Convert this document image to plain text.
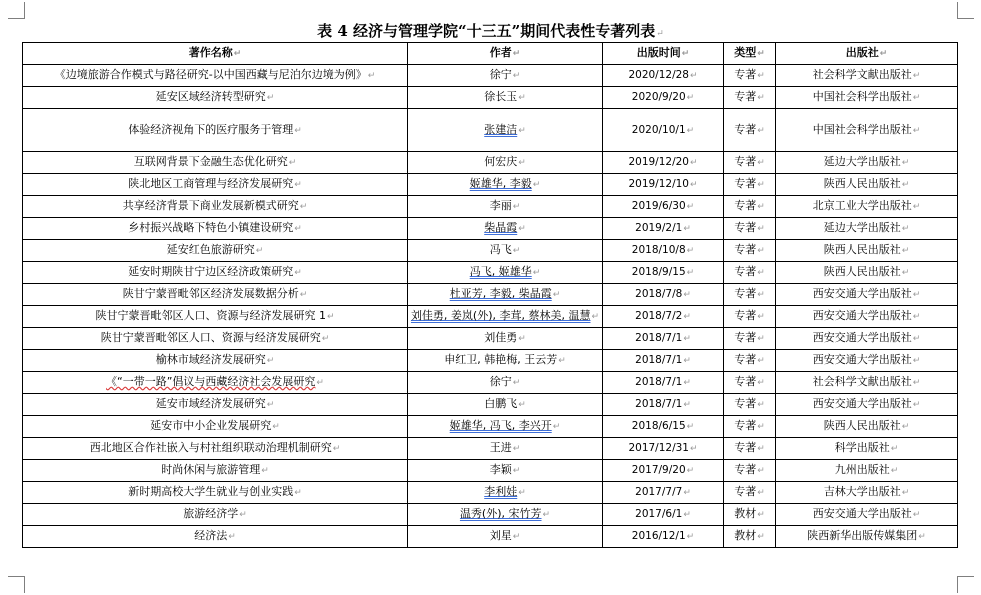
表 4 经济与管理学院“十三五”期间代表性专著列表↵
著作名称↵	作者↵	出版时间↵	类型↵	出版社↵
《边境旅游合作模式与路径研究-以中国西藏与尼泊尔边境为例》↵	徐宁↵	2020/12/28↵	专著↵	社会科学文献出版社↵
延安区域经济转型研究↵	徐长玉↵	2020/9/20↵	专著↵	中国社会科学出版社↵
体验经济视角下的医疗服务于管理↵	张建洁↵	2020/10/1↵	专著↵	中国社会科学出版社↵
互联网背景下金融生态优化研究↵	何宏庆↵	2019/12/20↵	专著↵	延边大学出版社↵
陕北地区工商管理与经济发展研究↵	姬雄华, 李毅↵	2019/12/10↵	专著↵	陕西人民出版社↵
共享经济背景下商业发展新模式研究↵	李丽↵	2019/6/30↵	专著↵	北京工业大学出版社↵
乡村振兴战略下特色小镇建设研究↵	柴晶霞↵	2019/2/1↵	专著↵	延边大学出版社↵
延安红色旅游研究↵	冯飞↵	2018/10/8↵	专著↵	陕西人民出版社↵
延安时期陕甘宁边区经济政策研究↵	冯飞, 姬雄华↵	2018/9/15↵	专著↵	陕西人民出版社↵
陕甘宁蒙晋毗邻区经济发展数据分析↵	杜亚芳, 李毅, 柴晶霞↵	2018/7/8↵	专著↵	西安交通大学出版社↵
陕甘宁蒙晋毗邻区人口、资源与经济发展研究 1↵	刘佳勇, 姜岚(外), 李茸, 蔡林美, 温慧↵	2018/7/2↵	专著↵	西安交通大学出版社↵
陕甘宁蒙晋毗邻区人口、资源与经济发展研究↵	刘佳勇↵	2018/7/1↵	专著↵	西安交通大学出版社↵
榆林市域经济发展研究↵	申红卫, 韩艳梅, 王云芳↵	2018/7/1↵	专著↵	西安交通大学出版社↵
《“一带一路”倡议与西藏经济社会发展研究↵	徐宁↵	2018/7/1↵	专著↵	社会科学文献出版社↵
延安市域经济发展研究↵	白鹏飞↵	2018/7/1↵	专著↵	西安交通大学出版社↵
延安市中小企业发展研究↵	姬雄华, 冯飞, 李兴开↵	2018/6/15↵	专著↵	陕西人民出版社↵
西北地区合作社嵌入与村社组织联动治理机制研究↵	王进↵	2017/12/31↵	专著↵	科学出版社↵
时尚休闲与旅游管理↵	李颖↵	2017/9/20↵	专著↵	九州出版社↵
新时期高校大学生就业与创业实践↵	李利娃↵	2017/7/7↵	专著↵	吉林大学出版社↵
旅游经济学↵	温秀(外), 宋竹芳↵	2017/6/1↵	教材↵	西安交通大学出版社↵
经济法↵	刘星↵	2016/12/1↵	教材↵	陕西新华出版传媒集团↵
